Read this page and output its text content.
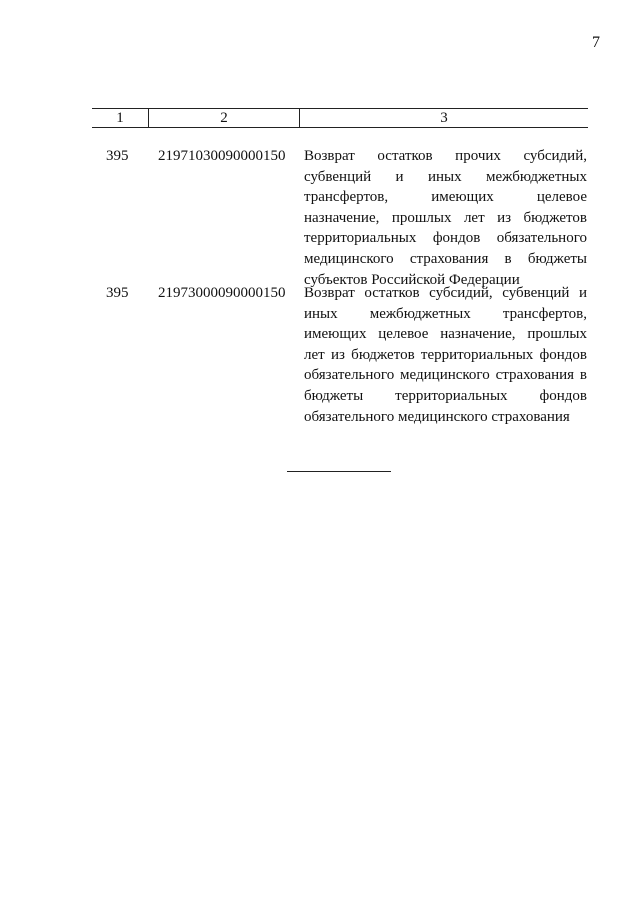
7
1	2	3
395 21971030090000150 Возврат остатков прочих субсидий, субвенций и иных межбюджетных трансфертов, имеющих целевое назначение, прошлых лет из бюджетов территориальных фондов обязательного медицинского страхования в бюджеты субъектов Российской Федерации
395 21973000090000150 Возврат остатков субсидий, субвенций и иных межбюджетных трансфертов, имеющих целевое назначение, прошлых лет из бюджетов территориальных фондов обязательного медицинского страхования в бюджеты территориальных фондов обязательного медицинского страхования
